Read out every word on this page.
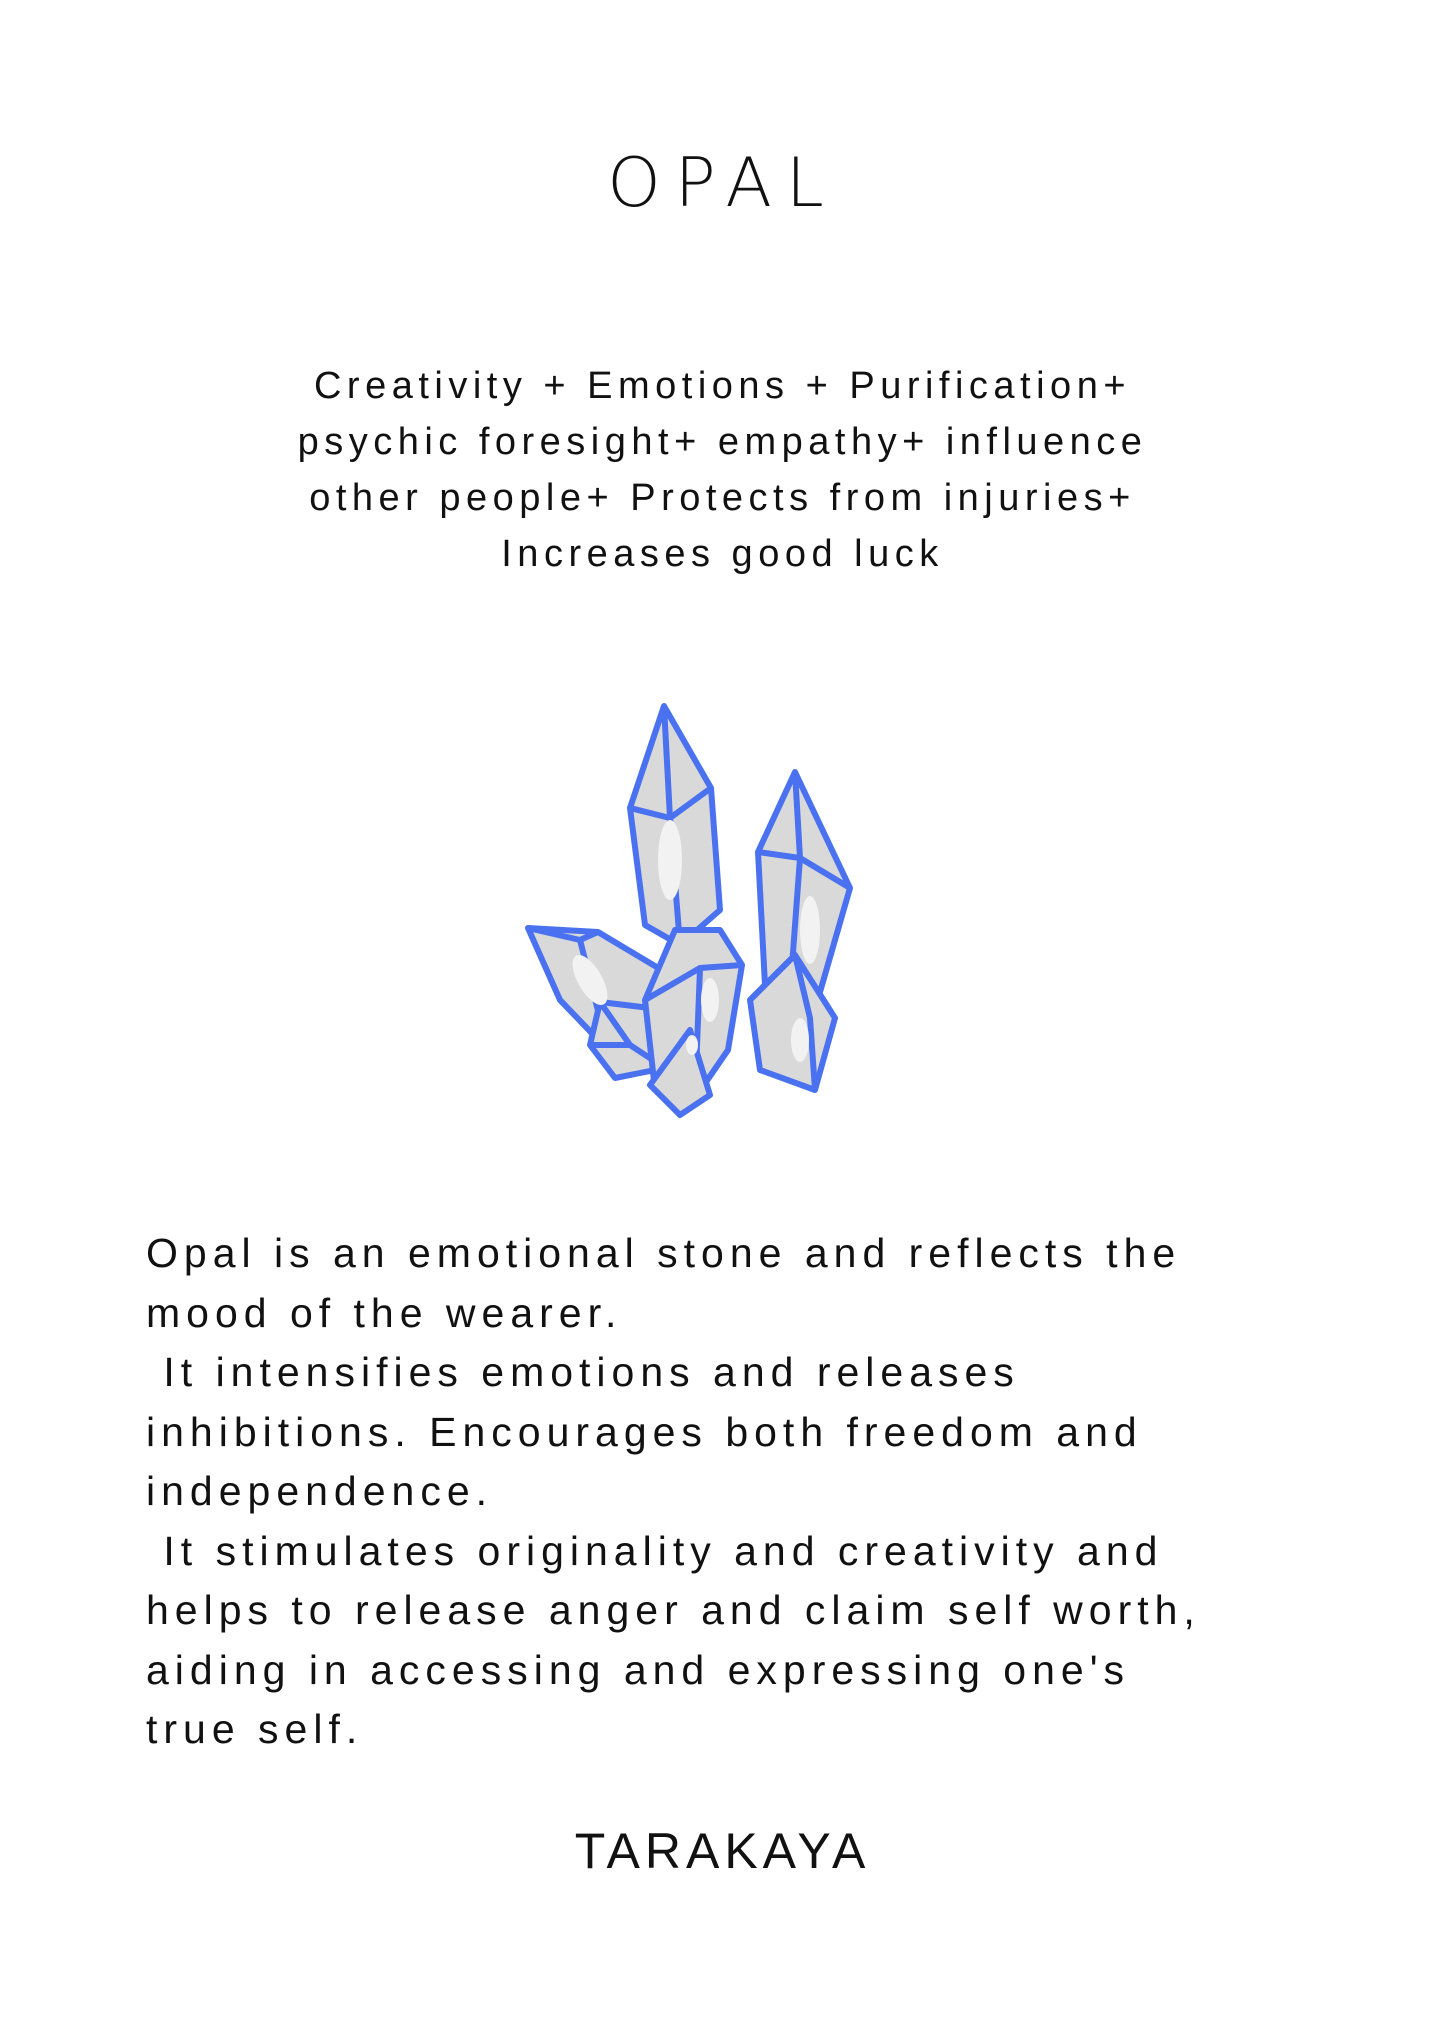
OPAL
Creativity + Emotions + Purification+
psychic foresight+ empathy+ influence
other people+ Protects from injuries+
Increases good luck
Opal is an emotional stone and reflects the
mood of the wearer.
It intensifies emotions and releases
inhibitions. Encourages both freedom and
independence.
It stimulates originality and creativity and
helps to release anger and claim self worth,
aiding in accessing and expressing one's
true self.
TARAKAYA
